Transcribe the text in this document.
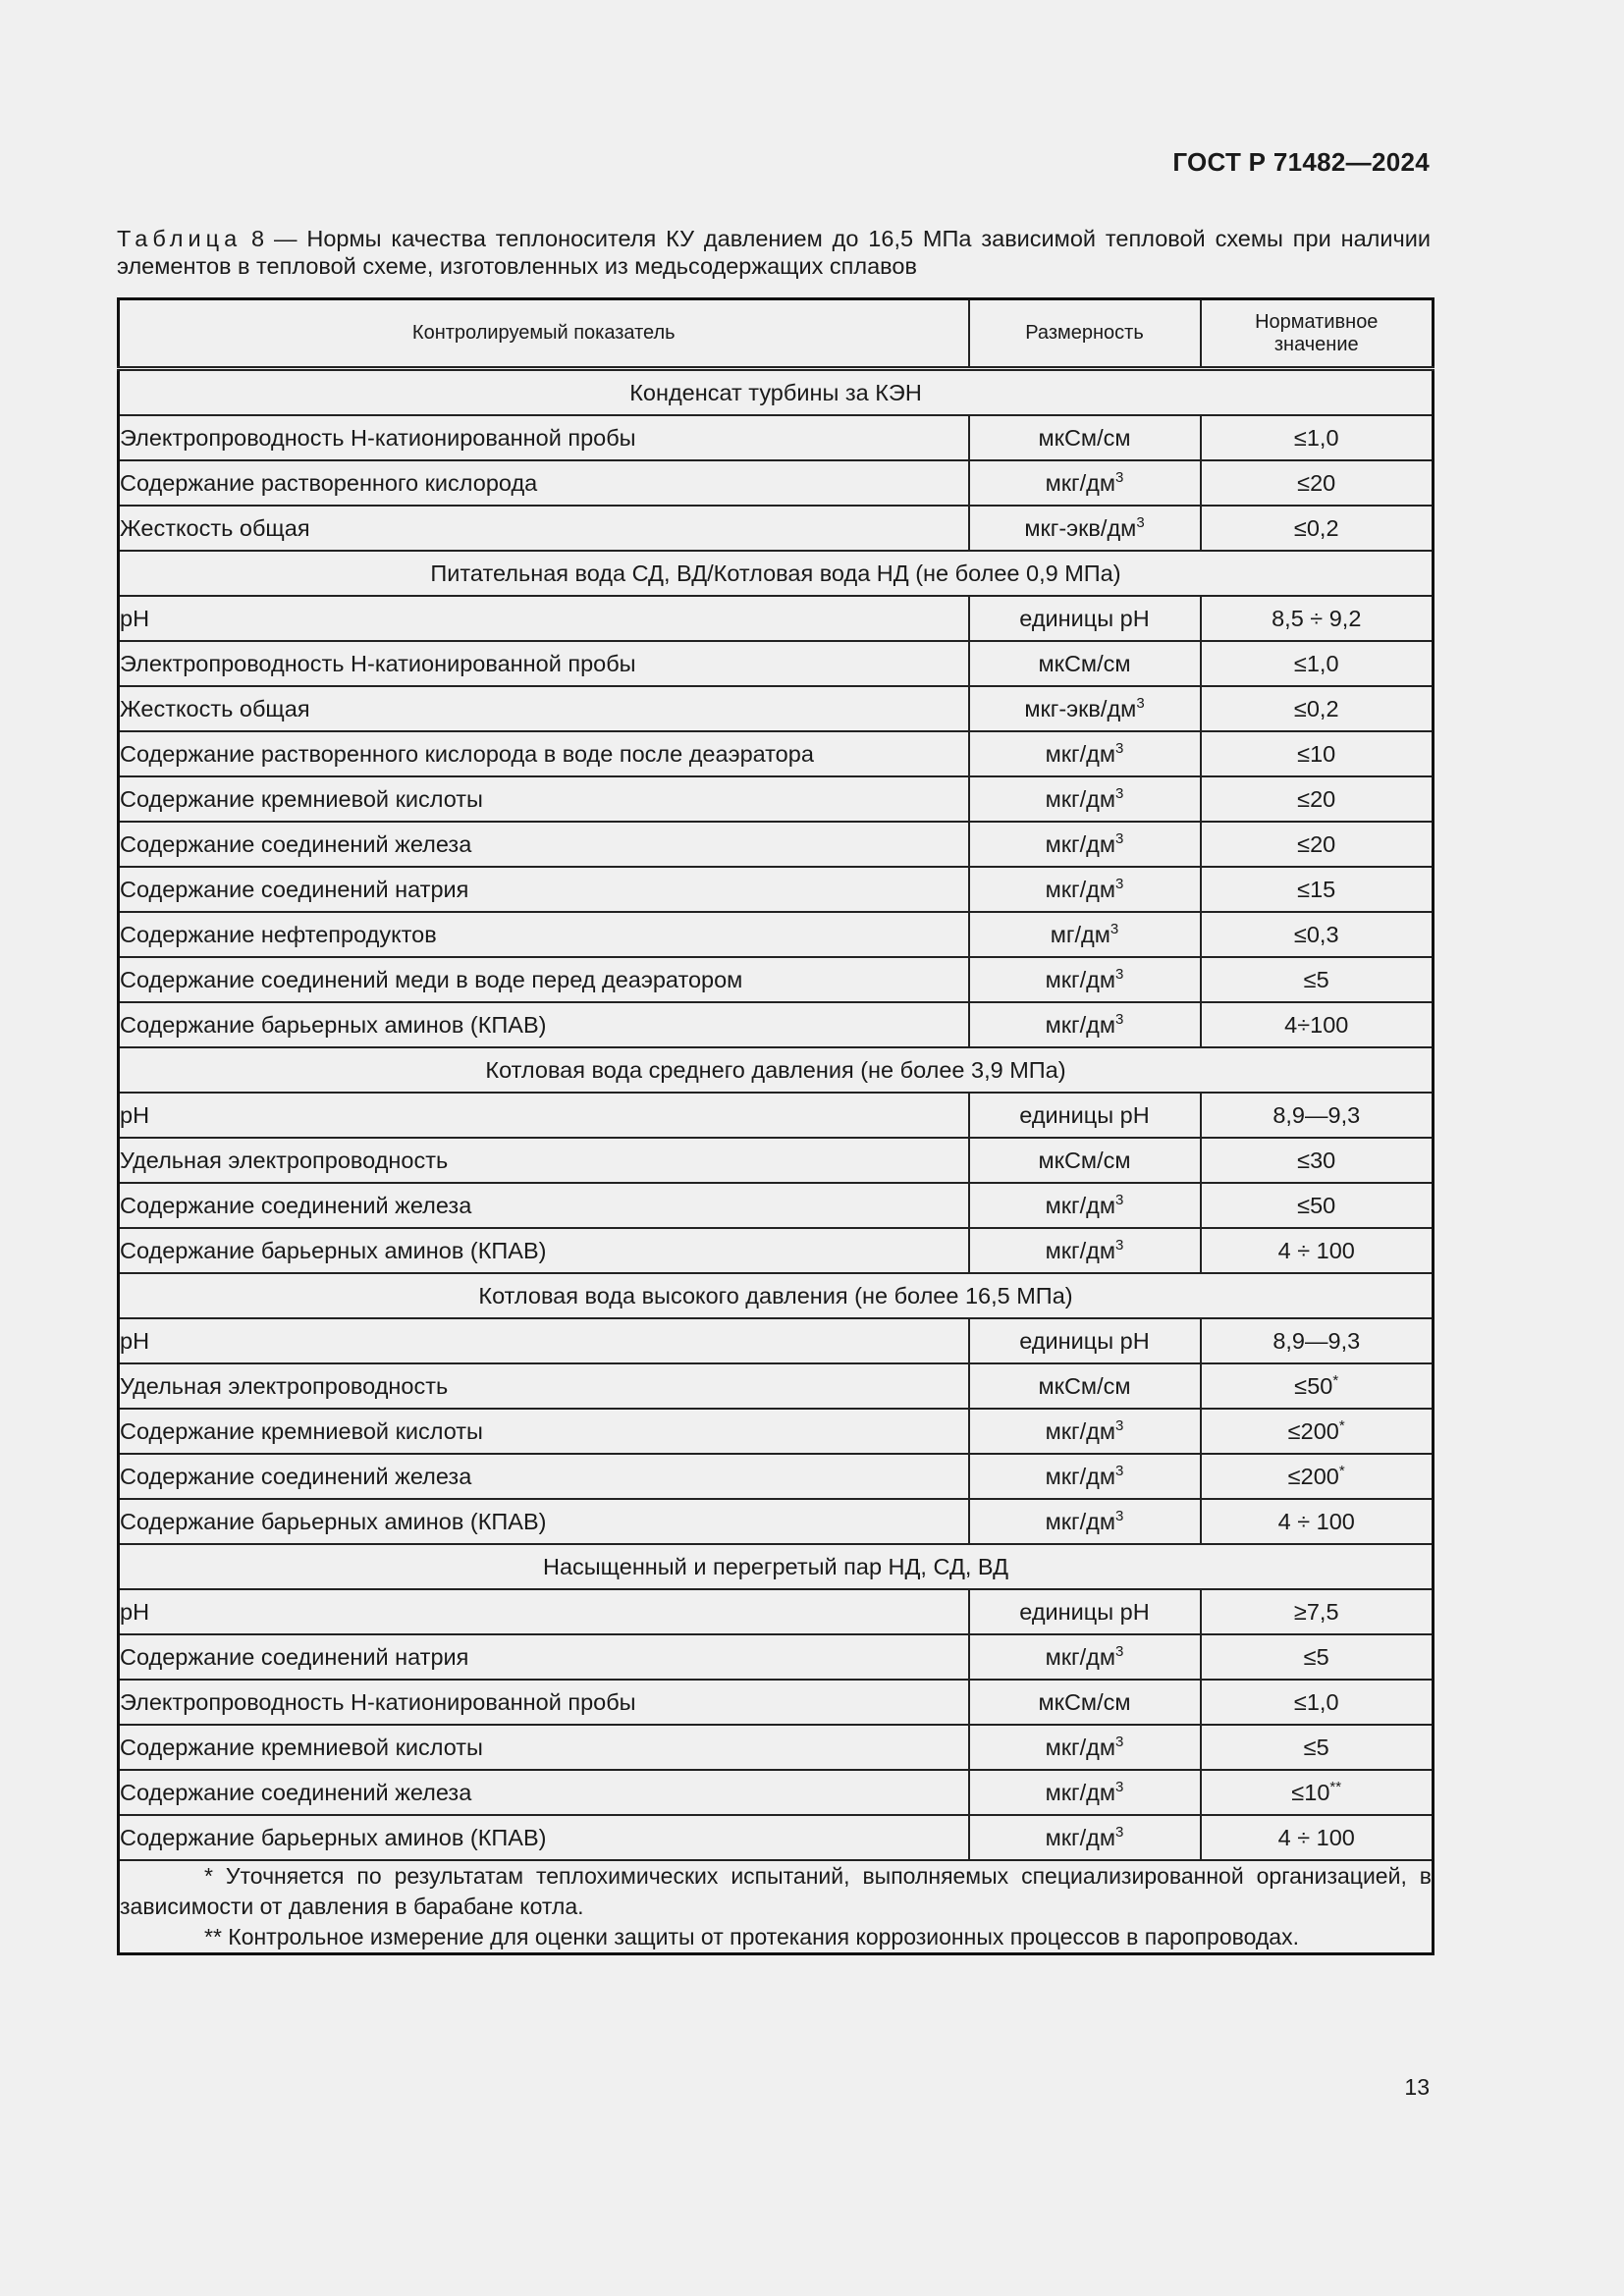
ГОСТ Р 71482—2024
Таблица 8 — Нормы качества теплоносителя КУ давлением до 16,5 МПа зависимой тепловой схемы при наличии элементов в тепловой схеме, изготовленных из медьсодержащих сплавов
Контролируемый показатель	Размерность	Нормативное значение
Конденсат турбины за КЭН		
Электропроводность Н-катионированной пробы	мкСм/см	≤1,0
Содержание растворенного кислорода	мкг/$дм^3$	≤20
Жесткость общая	мкг-$экв/дм^3$	≤0,2
Питательная вода СД, ВД/Котловая вода НД (не более 0,9 МПа)		
pH	единицы pH	8,5 ÷ 9,2
Электропроводность Н-катионированной пробы	мкСм/см	≤1,0
Жесткость общая	мкг-$экв/дм^3$	≤0,2
Содержание растворенного кислорода в воде после деаэратора	мкг/$дм^3$	≤10
Содержание кремниевой кислоты	мкг/$дм^3$	≤20
Содержание соединений железа	мкг/$дм^3$	≤20
Содержание соединений натрия	мкг/$дм^3$	≤15
Содержание нефтепродуктов	$мг/дм^3$	≤0,3
Содержание соединений меди в воде перед деаэратором	мкг/$дм^3$	≤5
Содержание барьерных аминов (КПАВ)	мкг/$дм^3$	4÷100
Котловая вода среднего давления (не более 3,9 МПа)		
pH	единицы pH	8,9—9,3
Удельная электропроводность	мкСм/см	≤30
Содержание соединений железа	мкг/$дм^3$	≤50
Содержание барьерных аминов (КПАВ)	мкг/$дм^3$	4 ÷ 100
Котловая вода высокого давления (не более 16,5 МПа)		
pH	единицы pH	8,9—9,3
Удельная электропроводность	мкСм/см	≤50*
Содержание кремниевой кислоты	мкг/$дм^3$	≤200*
Содержание соединений железа	мкг/$дм^3$	≤200*
Содержание барьерных аминов (КПАВ)	мкг/$дм^3$	4 ÷ 100
Насыщенный и перегретый пар НД, СД, ВД		
pH	единицы pH	≥7,5
Содержание соединений натрия	мкг/$дм^3$	≤5
Электропроводность Н-катионированной пробы	мкСм/см	≤1,0
Содержание кремниевой кислоты	мкг/$дм^3$	≤5
Содержание соединений железа	мкг/$дм^3$	≤10**
Содержание барьерных аминов (КПАВ)	мкг/$дм^3$	4 ÷ 100

* Уточняется по результатам теплохимических испытаний, выполняемых специализированной организацией, в зависимости от давления в барабане котла.

** Контрольное измерение для оценки защиты от протекания коррозионных процессов в паропроводах.		

13
